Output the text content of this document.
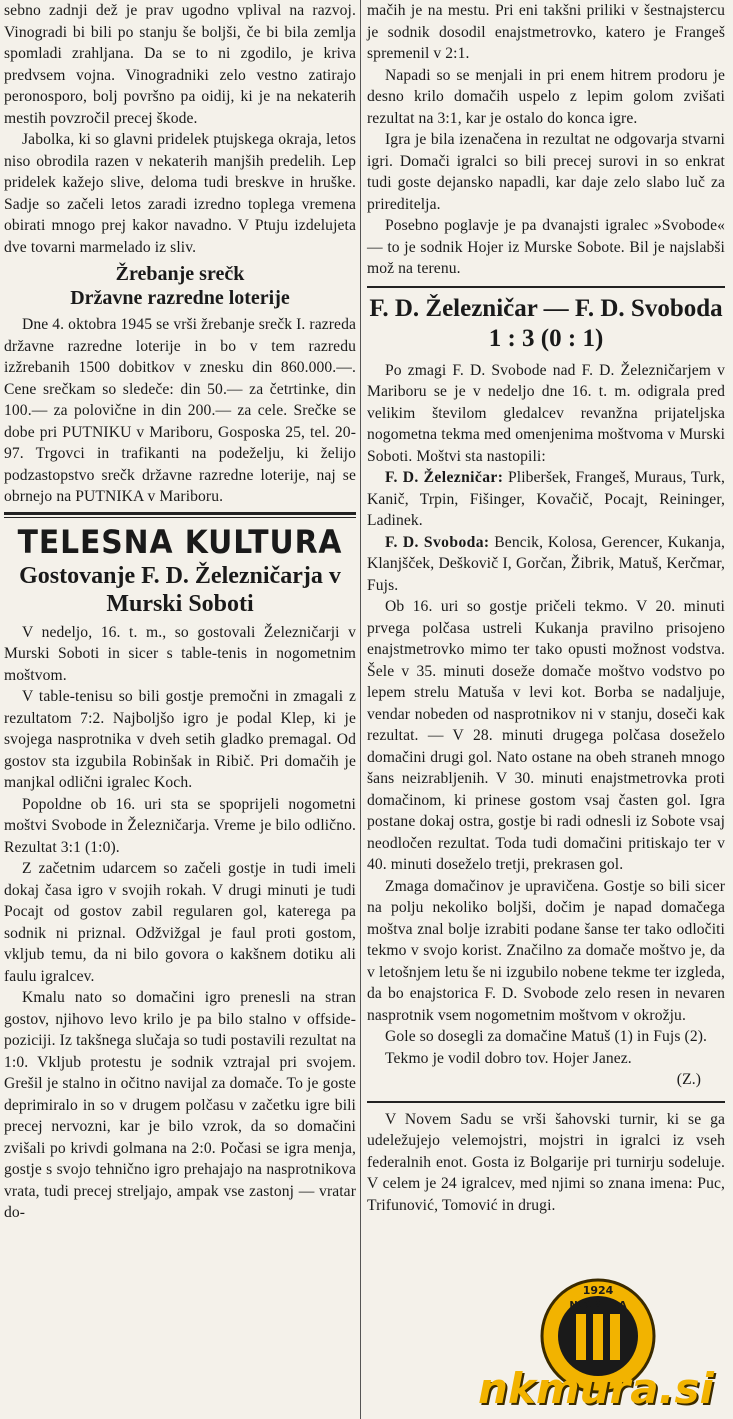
sebno zadnji dež je prav ugodno vplival na razvoj. Vinogradi bi bili po stanju še boljši, če bi bila zemlja spomladi zrahljana. Da se to ni zgodilo, je kriva predvsem vojna. Vinogradniki zelo vestno zatirajo peronosporo, bolj površno pa oidij, ki je na nekaterih mestih povzročil precej škode.

Jabolka, ki so glavni pridelek ptujskega okraja, letos niso obrodila razen v nekaterih manjših predelih. Lep pridelek kažejo slive, deloma tudi breskve in hruške. Sadje so začeli letos zaradi izredno toplega vremena obirati mnogo prej kakor navadno. V Ptuju izdelujeta dve tovarni marmelado iz sliv.

Žrebanje srečk
Državne razredne loterije

Dne 4. oktobra 1945 se vrši žrebanje srečk I. razreda državne razredne loterije in bo v tem razredu izžrebanih 1500 dobitkov v znesku din 860.000.—. Cene srečkam so sledeče: din 50.— za četrtinke, din 100.— za polovične in din 200.— za cele. Srečke se dobe pri PUTNIKU v Mariboru, Gosposka 25, tel. 20-97. Trgovci in trafikanti na podeželju, ki želijo podzastopstvo srečk državne razredne loterije, naj se obrnejo na PUTNIKA v Mariboru.

TELESNA KULTURA
Gostovanje F. D. Železničarja v Murski Soboti

V nedeljo, 16. t. m., so gostovali Železničarji v Murski Soboti in sicer s table-tenis in nogometnim moštvom.

V table-tenisu so bili gostje premočni in zmagali z rezultatom 7:2. Najboljšo igro je podal Klep, ki je svojega nasprotnika v dveh setih gladko premagal. Od gostov sta izgubila Robinšak in Ribič. Pri domačih je manjkal odlični igralec Koch.

Popoldne ob 16. uri sta se spoprijeli nogometni moštvi Svobode in Železničarja. Vreme je bilo odlično. Rezultat 3:1 (1:0).

Z začetnim udarcem so začeli gostje in tudi imeli dokaj časa igro v svojih rokah. V drugi minuti je tudi Pocajt od gostov zabil regularen gol, katerega pa sodnik ni priznal. Odžvižgal je faul proti gostom, vkljub temu, da ni bilo govora o kakšnem dotiku ali faulu igralcev.

Kmalu nato so domačini igro prenesli na stran gostov, njihovo levo krilo je pa bilo stalno v offside-poziciji. Iz takšnega slučaja so tudi postavili rezultat na 1:0. Vkljub protestu je sodnik vztrajal pri svojem. Grešil je stalno in očitno navijal za domače. To je goste deprimiralo in so v drugem polčasu v začetku igre bili precej nervozni, kar je bilo vzrok, da so domačini zvišali po krivdi golmana na 2:0. Počasi se igra menja, gostje s svojo tehnično igro prehajajo na nasprotnikova vrata, tudi precej streljajo, ampak vse zastonj — vratar do-

mačih je na mestu. Pri eni takšni priliki v šestnajstercu je sodnik dosodil enajstmetrovko, katero je Frangeš spremenil v 2:1.

Napadi so se menjali in pri enem hitrem prodoru je desno krilo domačih uspelo z lepim golom zvišati rezultat na 3:1, kar je ostalo do konca igre.

Igra je bila izenačena in rezultat ne odgovarja stvarni igri. Domači igralci so bili precej surovi in so enkrat tudi goste dejansko napadli, kar daje zelo slabo luč za prireditelja.

Posebno poglavje je pa dvanajsti igralec »Svobode« — to je sodnik Hojer iz Murske Sobote. Bil je najslabši mož na terenu.

F. D. Železničar — F. D. Svoboda 1 : 3 (0 : 1)

Po zmagi F. D. Svobode nad F. D. Železničarjem v Mariboru se je v nedeljo dne 16. t. m. odigrala pred velikim številom gledalcev revanžna prijateljska nogometna tekma med omenjenima moštvoma v Murski Soboti. Moštvi sta nastopili:

F. D. Železničar: Pliberšek, Frangeš, Muraus, Turk, Kanič, Trpin, Fišinger, Kovačič, Pocajt, Reininger, Ladinek.

F. D. Svoboda: Bencik, Kolosa, Gerencer, Kukanja, Klanjšček, Deškovič I, Gorčan, Žibrik, Matuš, Kerčmar, Fujs.

Ob 16. uri so gostje pričeli tekmo. V 20. minuti prvega polčasa ustreli Kukanja pravilno prisojeno enajstmetrovko mimo ter tako opusti možnost vodstva. Šele v 35. minuti doseže domače moštvo vodstvo po lepem strelu Matuša v levi kot. Borba se nadaljuje, vendar nobeden od nasprotnikov ni v stanju, doseči kak rezultat. — V 28. minuti drugega polčasa doseželo domačini drugi gol. Nato ostane na obeh straneh mnogo šans neizrabljenih. V 30. minuti enajstmetrovka proti domačinom, ki prinese gostom vsaj časten gol. Igra postane dokaj ostra, gostje bi radi odnesli iz Sobote vsaj neodločen rezultat. Toda tudi domačini pritiskajo ter v 40. minuti doseželo tretji, prekrasen gol.

Zmaga domačinov je upravičena. Gostje so bili sicer na polju nekoliko boljši, dočim je napad domačega moštva znal bolje izrabiti podane šanse ter tako odločiti tekmo v svojo korist. Značilno za domače moštvo je, da v letošnjem letu še ni izgubilo nobene tekme ter izgleda, da bo enajstorica F. D. Svobode zelo resen in nevaren nasprotnik vsem nogometnim moštvom v okrožju.

Gole so dosegli za domačine Matuš (1) in Fujs (2).

Tekmo je vodil dobro tov. Hojer Janez.

(Z.)

V Novem Sadu se vrši šahovski turnir, ki se ga udeležujejo velemojstri, mojstri in igralci iz vseh federalnih enot. Gosta iz Bolgarije pri turnirju sodeluje. V celem je 24 igralcev, med njimi so znana imena: Puc, Trifunović, Tomović in drugi.

1924
N.K.MURA
nkmura.si
